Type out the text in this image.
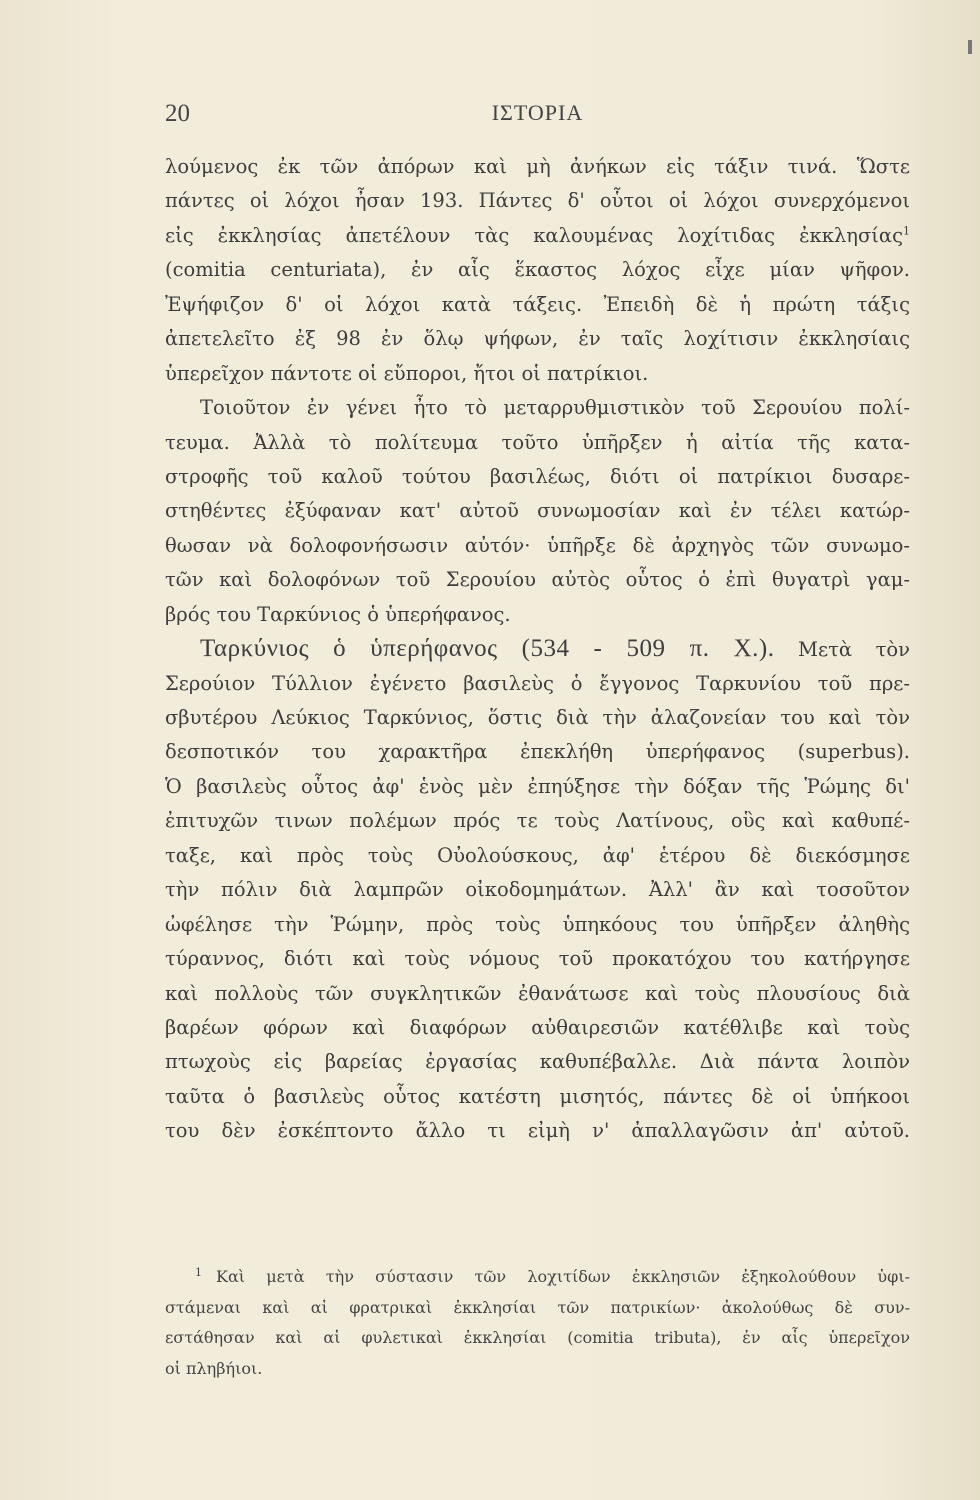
20	ΙΣΤΟΡΙΑ
λούμενος ἐκ τῶν ἀπόρων καὶ μὴ ἀνήκων εἰς τάξιν τινά. Ὥστε
πάντες οἱ λόχοι ἦσαν 193. Πάντες δ' οὗτοι οἱ λόχοι συνερχόμενοι
εἰς ἐκκλησίας ἀπετέλουν τὰς καλουμένας λοχίτιδας ἐκκλησίας$^1$
(comitia centuriata), ἐν αἷς ἕκαστος λόχος εἶχε μίαν ψῆφον.
Ἐψήφιζον δ' οἱ λόχοι κατὰ τάξεις. Ἐπειδὴ δὲ ἡ πρώτη τάξις
ἀπετελεῖτο ἐξ 98 ἐν ὅλῳ ψήφων, ἐν ταῖς λοχίτισιν ἐκκλησίαις
ὑπερεῖχον πάντοτε οἱ εὔποροι, ἤτοι οἱ πατρίκιοι.
Τοιοῦτον ἐν γένει ἦτο τὸ μεταρρυθμιστικὸν τοῦ Σερουίου πολί-
τευμα. Ἀλλὰ τὸ πολίτευμα τοῦτο ὑπῆρξεν ἡ αἰτία τῆς κατα-
στροφῆς τοῦ καλοῦ τούτου βασιλέως, διότι οἱ πατρίκιοι δυσαρε-
στηθέντες ἐξύφαναν κατ' αὐτοῦ συνωμοσίαν καὶ ἐν τέλει κατώρ-
θωσαν νὰ δολοφονήσωσιν αὐτόν· ὑπῆρξε δὲ ἀρχηγὸς τῶν συνωμο-
τῶν καὶ δολοφόνων τοῦ Σερουίου αὐτὸς οὗτος ὁ ἐπὶ θυγατρὶ γαμ-
βρός του Ταρκύνιος ὁ ὑπερήφανος.
Ταρκύνιος ὁ ὑπερήφανος (534 - 509 π. Χ.). Μετὰ τὸν
Σερούιον Τύλλιον ἐγένετο βασιλεὺς ὁ ἔγγονος Ταρκυνίου τοῦ πρε-
σβυτέρου Λεύκιος Ταρκύνιος, ὅστις διὰ τὴν ἀλαζονείαν του καὶ τὸν
δεσποτικόν του χαρακτῆρα ἐπεκλήθη ὑπερήφανος (superbus).
Ὁ βασιλεὺς οὗτος ἀφ' ἑνὸς μὲν ἐπηύξησε τὴν δόξαν τῆς Ῥώμης δι'
ἐπιτυχῶν τινων πολέμων πρός τε τοὺς Λατίνους, οὓς καὶ καθυπέ-
ταξε, καὶ πρὸς τοὺς Οὐολούσκους, ἀφ' ἑτέρου δὲ διεκόσμησε
τὴν πόλιν διὰ λαμπρῶν οἰκοδομημάτων. Ἀλλ' ἂν καὶ τοσοῦτον
ὠφέλησε τὴν Ῥώμην, πρὸς τοὺς ὑπηκόους του ὑπῆρξεν ἀληθὴς
τύραννος, διότι καὶ τοὺς νόμους τοῦ προκατόχου του κατήργησε
καὶ πολλοὺς τῶν συγκλητικῶν ἐθανάτωσε καὶ τοὺς πλουσίους διὰ
βαρέων φόρων καὶ διαφόρων αὐθαιρεσιῶν κατέθλιβε καὶ τοὺς
πτωχοὺς εἰς βαρείας ἐργασίας καθυπέβαλλε. Διὰ πάντα λοιπὸν
ταῦτα ὁ βασιλεὺς οὗτος κατέστη μισητός, πάντες δὲ οἱ ὑπήκοοι
του δὲν ἐσκέπτοντο ἄλλο τι εἰμὴ ν' ἀπαλλαγῶσιν ἀπ' αὐτοῦ.
$^1$ Καὶ μετὰ τὴν σύστασιν τῶν λοχιτίδων ἐκκλησιῶν ἐξηκολούθουν ὑφι-
στάμεναι καὶ αἱ φρατρικαὶ ἐκκλησίαι τῶν πατρικίων· ἀκολούθως δὲ συν-
εστάθησαν καὶ αἱ φυλετικαὶ ἐκκλησίαι (comitia tributa), ἐν αἷς ὑπερεῖχον
οἱ πληβήιοι.
